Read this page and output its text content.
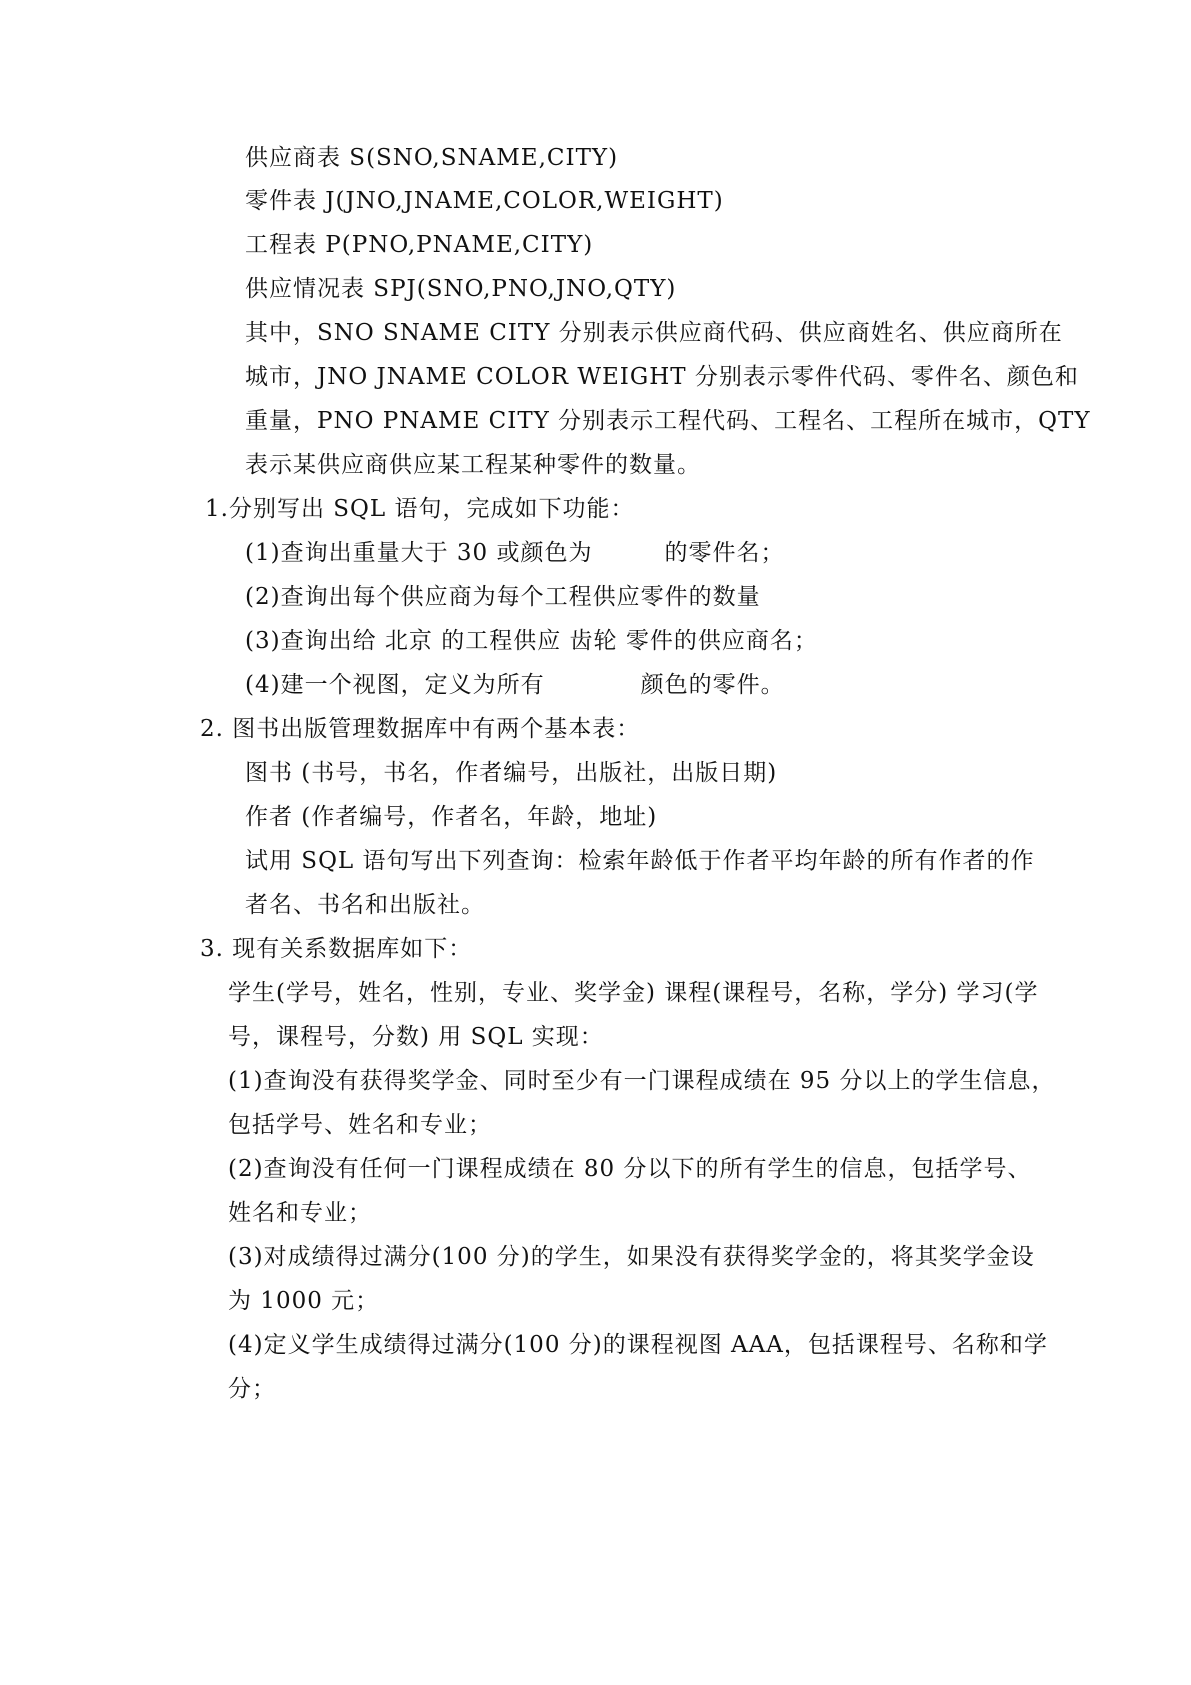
供应商表 S(SNO,SNAME,CITY)
零件表 J(JNO,JNAME,COLOR,WEIGHT)
工程表 P(PNO,PNAME,CITY)
供应情况表 SPJ(SNO,PNO,JNO,QTY)
其中，SNO SNAME CITY 分别表示供应商代码、供应商姓名、供应商所在
城市，JNO JNAME COLOR WEIGHT 分别表示零件代码、零件名、颜色和
重量，PNO PNAME CITY 分别表示工程代码、工程名、工程所在城市，QTY
表示某供应商供应某工程某种零件的数量。
1.分别写出 SQL 语句，完成如下功能：
(1)查询出重量大于 30 或颜色为　　　的零件名；
(2)查询出每个供应商为每个工程供应零件的数量
(3)查询出给 北京 的工程供应 齿轮 零件的供应商名；
(4)建一个视图，定义为所有　　　　颜色的零件。
2. 图书出版管理数据库中有两个基本表：
图书 (书号，书名，作者编号，出版社，出版日期)
作者 (作者编号，作者名，年龄，地址)
试用 SQL 语句写出下列查询：检索年龄低于作者平均年龄的所有作者的作
者名、书名和出版社。
3. 现有关系数据库如下：
学生(学号，姓名，性别，专业、奖学金) 课程(课程号，名称，学分) 学习(学
号，课程号，分数) 用 SQL 实现：
(1)查询没有获得奖学金、同时至少有一门课程成绩在 95 分以上的学生信息，
包括学号、姓名和专业；
(2)查询没有任何一门课程成绩在 80 分以下的所有学生的信息，包括学号、
姓名和专业；
(3)对成绩得过满分(100 分)的学生，如果没有获得奖学金的，将其奖学金设
为 1000 元；
(4)定义学生成绩得过满分(100 分)的课程视图 AAA，包括课程号、名称和学
分；
